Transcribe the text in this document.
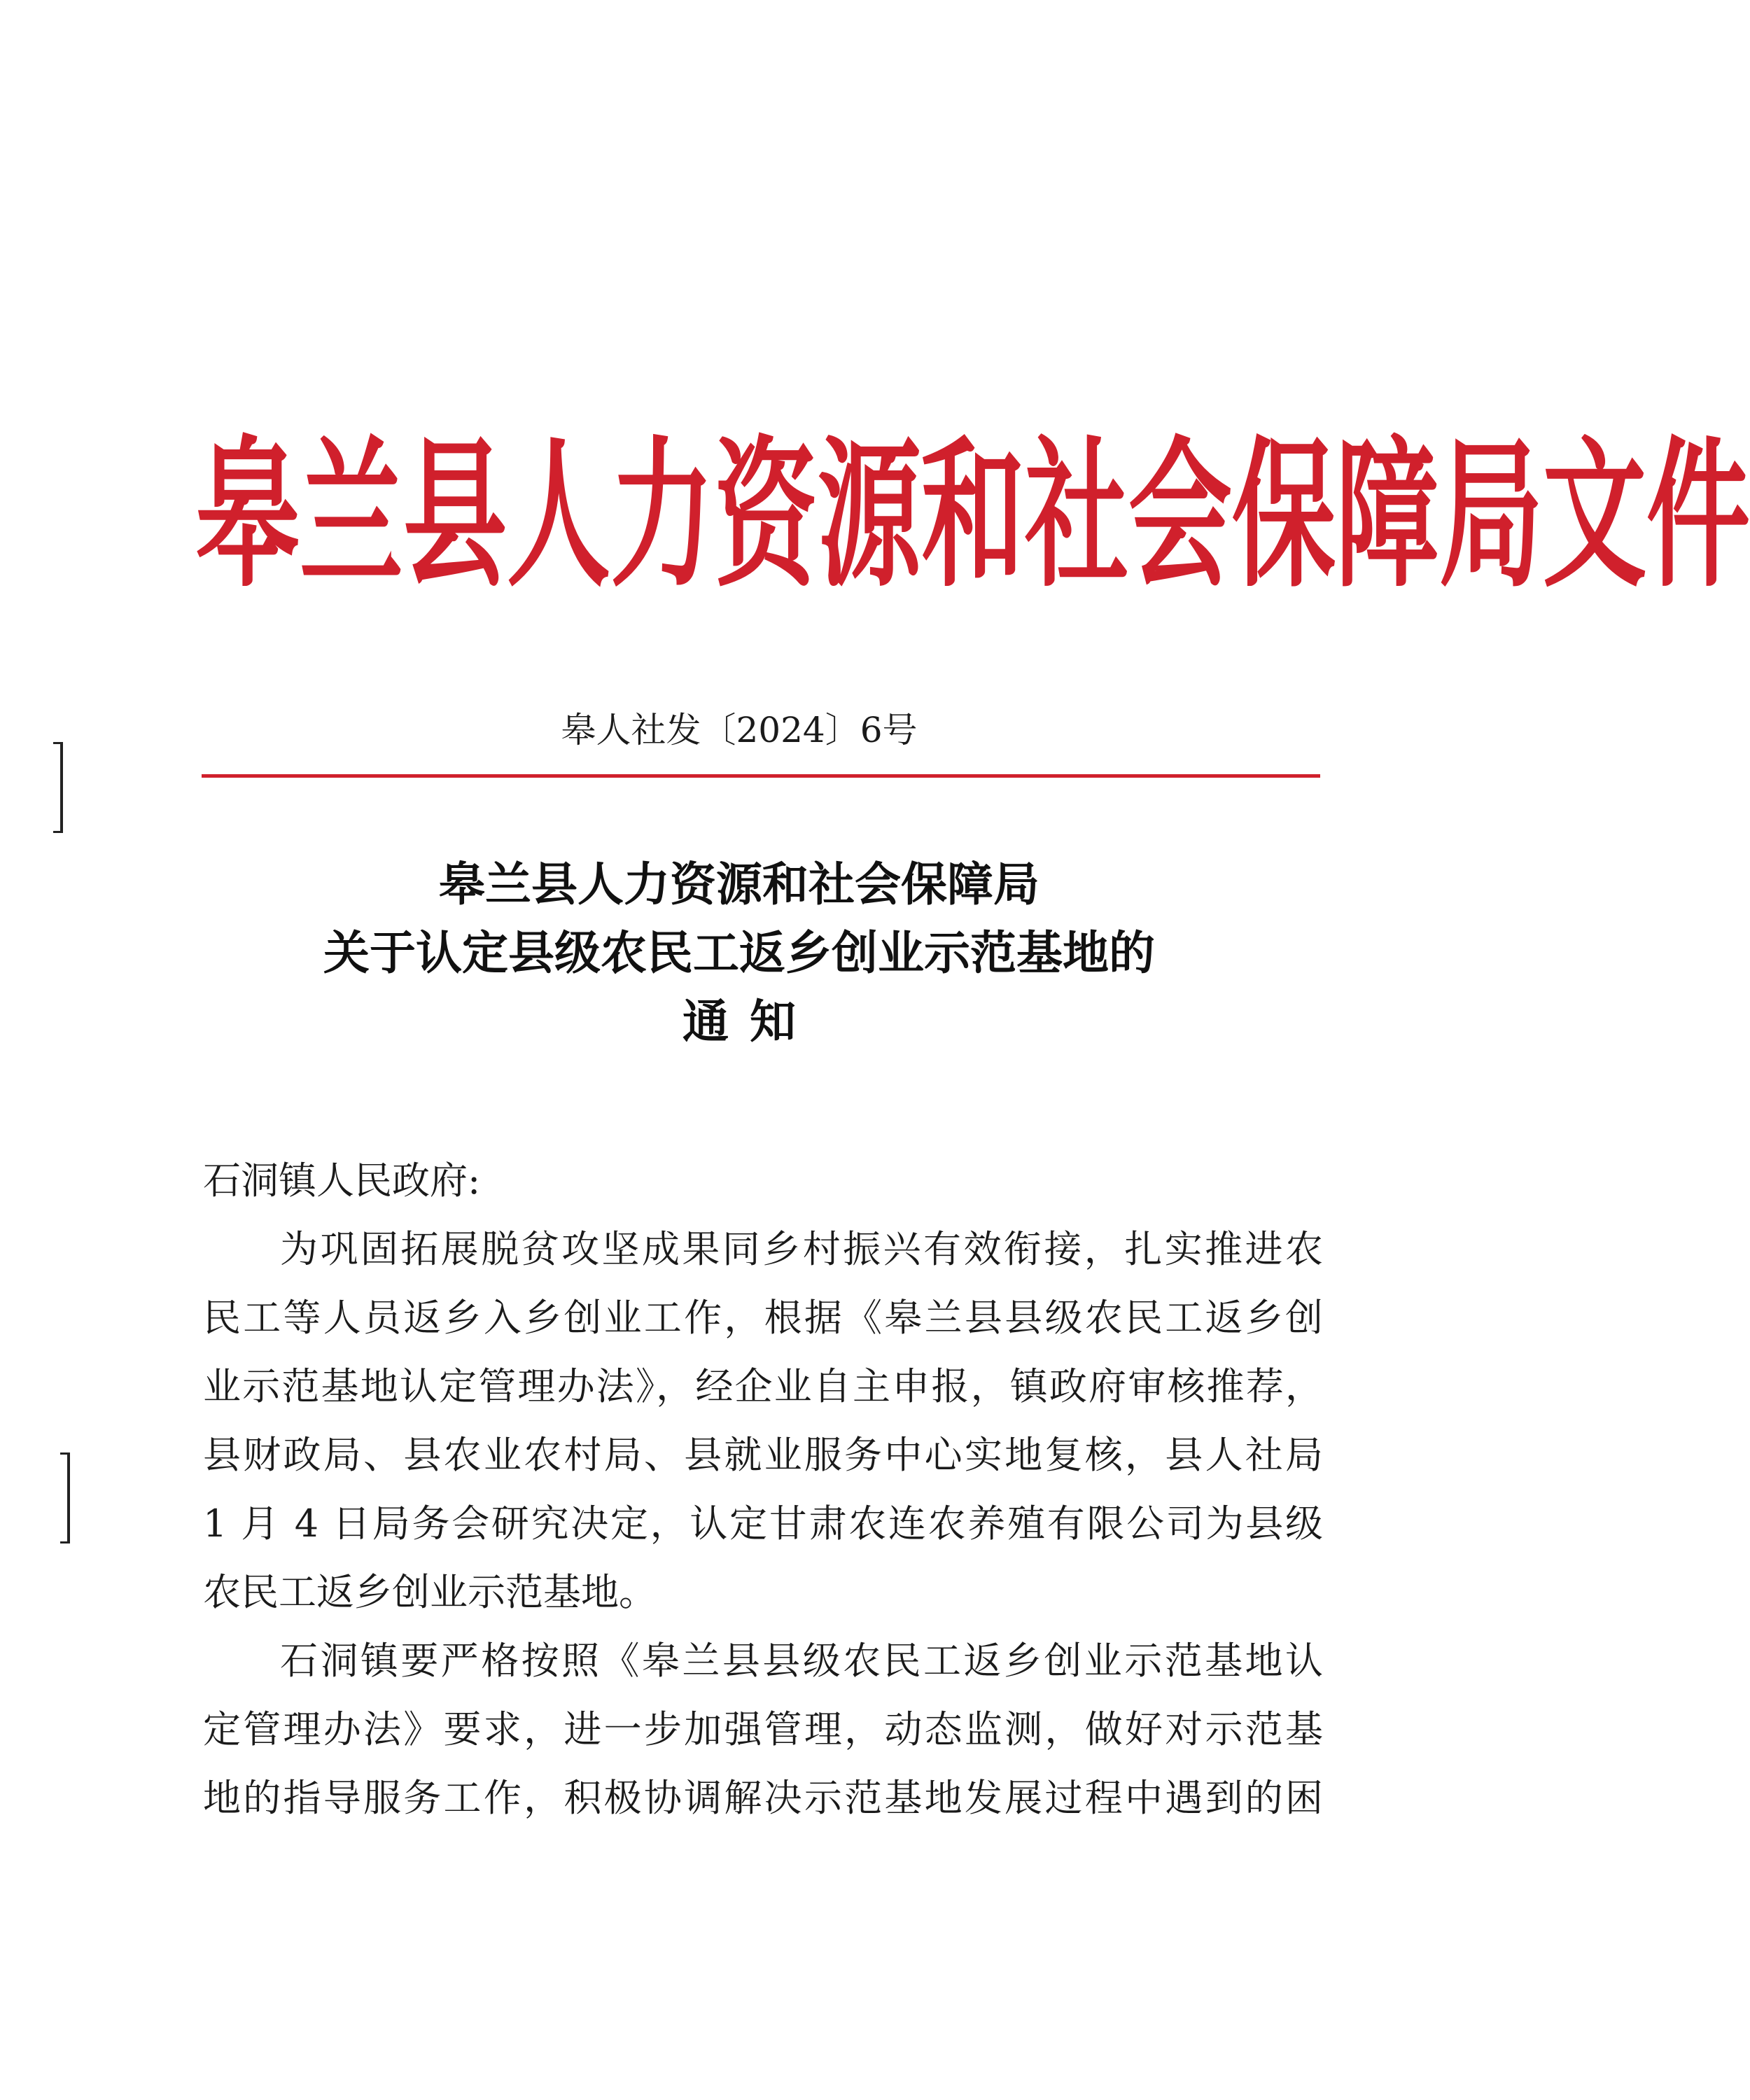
皋 兰 县 人 力 资 源 和 社 会 保 障 局 文 件
皋人社发〔2024〕6号
皋兰县人力资源和社会保障局
关于认定县级农民工返乡创业示范基地的
通知
石洞镇人民政府:
为巩固拓展脱贫攻坚成果同乡村振兴有效衔接，扎实推进农
民工等人员返乡入乡创业工作，根据《皋兰县县级农民工返乡创
业示范基地认定管理办法》，经企业自主申报，镇政府审核推荐，
县财政局、县农业农村局、县就业服务中心实地复核，县人社局
1 月 4 日局务会研究决定，认定甘肃农连农养殖有限公司为县级
农民工返乡创业示范基地。
石洞镇要严格按照《皋兰县县级农民工返乡创业示范基地认
定管理办法》要求，进一步加强管理，动态监测，做好对示范基
地的指导服务工作，积极协调解决示范基地发展过程中遇到的困
